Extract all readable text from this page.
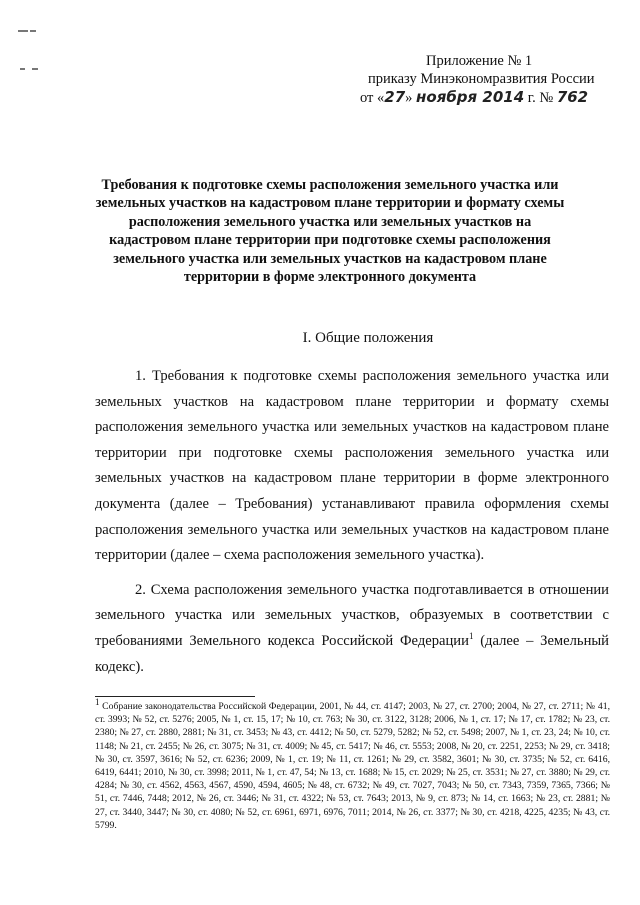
Приложение № 1
приказу Минэкономразвития России
от «27» ноября 2014 г. № 762
Требования к подготовке схемы расположения земельного участка или земельных участков на кадастровом плане территории и формату схемы расположения земельного участка или земельных участков на кадастровом плане территории при подготовке схемы расположения земельного участка или земельных участков на кадастровом плане территории в форме электронного документа
I. Общие положения

1. Требования к подготовке схемы расположения земельного участка или земельных участков на кадастровом плане территории и формату схемы расположения земельного участка или земельных участков на кадастровом плане территории при подготовке схемы расположения земельного участка или земельных участков на кадастровом плане территории в форме электронного документа (далее – Требования) устанавливают правила оформления схемы расположения земельного участка или земельных участков на кадастровом плане территории (далее – схема расположения земельного участка).

2. Схема расположения земельного участка подготавливается в отношении земельного участка или земельных участков, образуемых в соответствии с требованиями Земельного кодекса Российской Федерации$^1$ (далее – Земельный кодекс).

$^1$ Собрание законодательства Российской Федерации, 2001, № 44, ст. 4147; 2003, № 27, ст. 2700; 2004, № 27, ст. 2711; № 41, ст. 3993; № 52, ст. 5276; 2005, № 1, ст. 15, 17; № 10, ст. 763; № 30, ст. 3122, 3128; 2006, № 1, ст. 17; № 17, ст. 1782; № 23, ст. 2380; № 27, ст. 2880, 2881; № 31, ст. 3453; № 43, ст. 4412; № 50, ст. 5279, 5282; № 52, ст. 5498; 2007, № 1, ст. 23, 24; № 10, ст. 1148; № 21, ст. 2455; № 26, ст. 3075; № 31, ст. 4009; № 45, ст. 5417; № 46, ст. 5553; 2008, № 20, ст. 2251, 2253; № 29, ст. 3418; № 30, ст. 3597, 3616; № 52, ст. 6236; 2009, № 1, ст. 19; № 11, ст. 1261; № 29, ст. 3582, 3601; № 30, ст. 3735; № 52, ст. 6416, 6419, 6441; 2010, № 30, ст. 3998; 2011, № 1, ст. 47, 54; № 13, ст. 1688; № 15, ст. 2029; № 25, ст. 3531; № 27, ст. 3880; № 29, ст. 4284; № 30, ст. 4562, 4563, 4567, 4590, 4594, 4605; № 48, ст. 6732; № 49, ст. 7027, 7043; № 50, ст. 7343, 7359, 7365, 7366; № 51, ст. 7446, 7448; 2012, № 26, ст. 3446; № 31, ст. 4322; № 53, ст. 7643; 2013, № 9, ст. 873; № 14, ст. 1663; № 23, ст. 2881; № 27, ст. 3440, 3447; № 30, ст. 4080; № 52, ст. 6961, 6971, 6976, 7011; 2014, № 26, ст. 3377; № 30, ст. 4218, 4225, 4235; № 43, ст. 5799.
